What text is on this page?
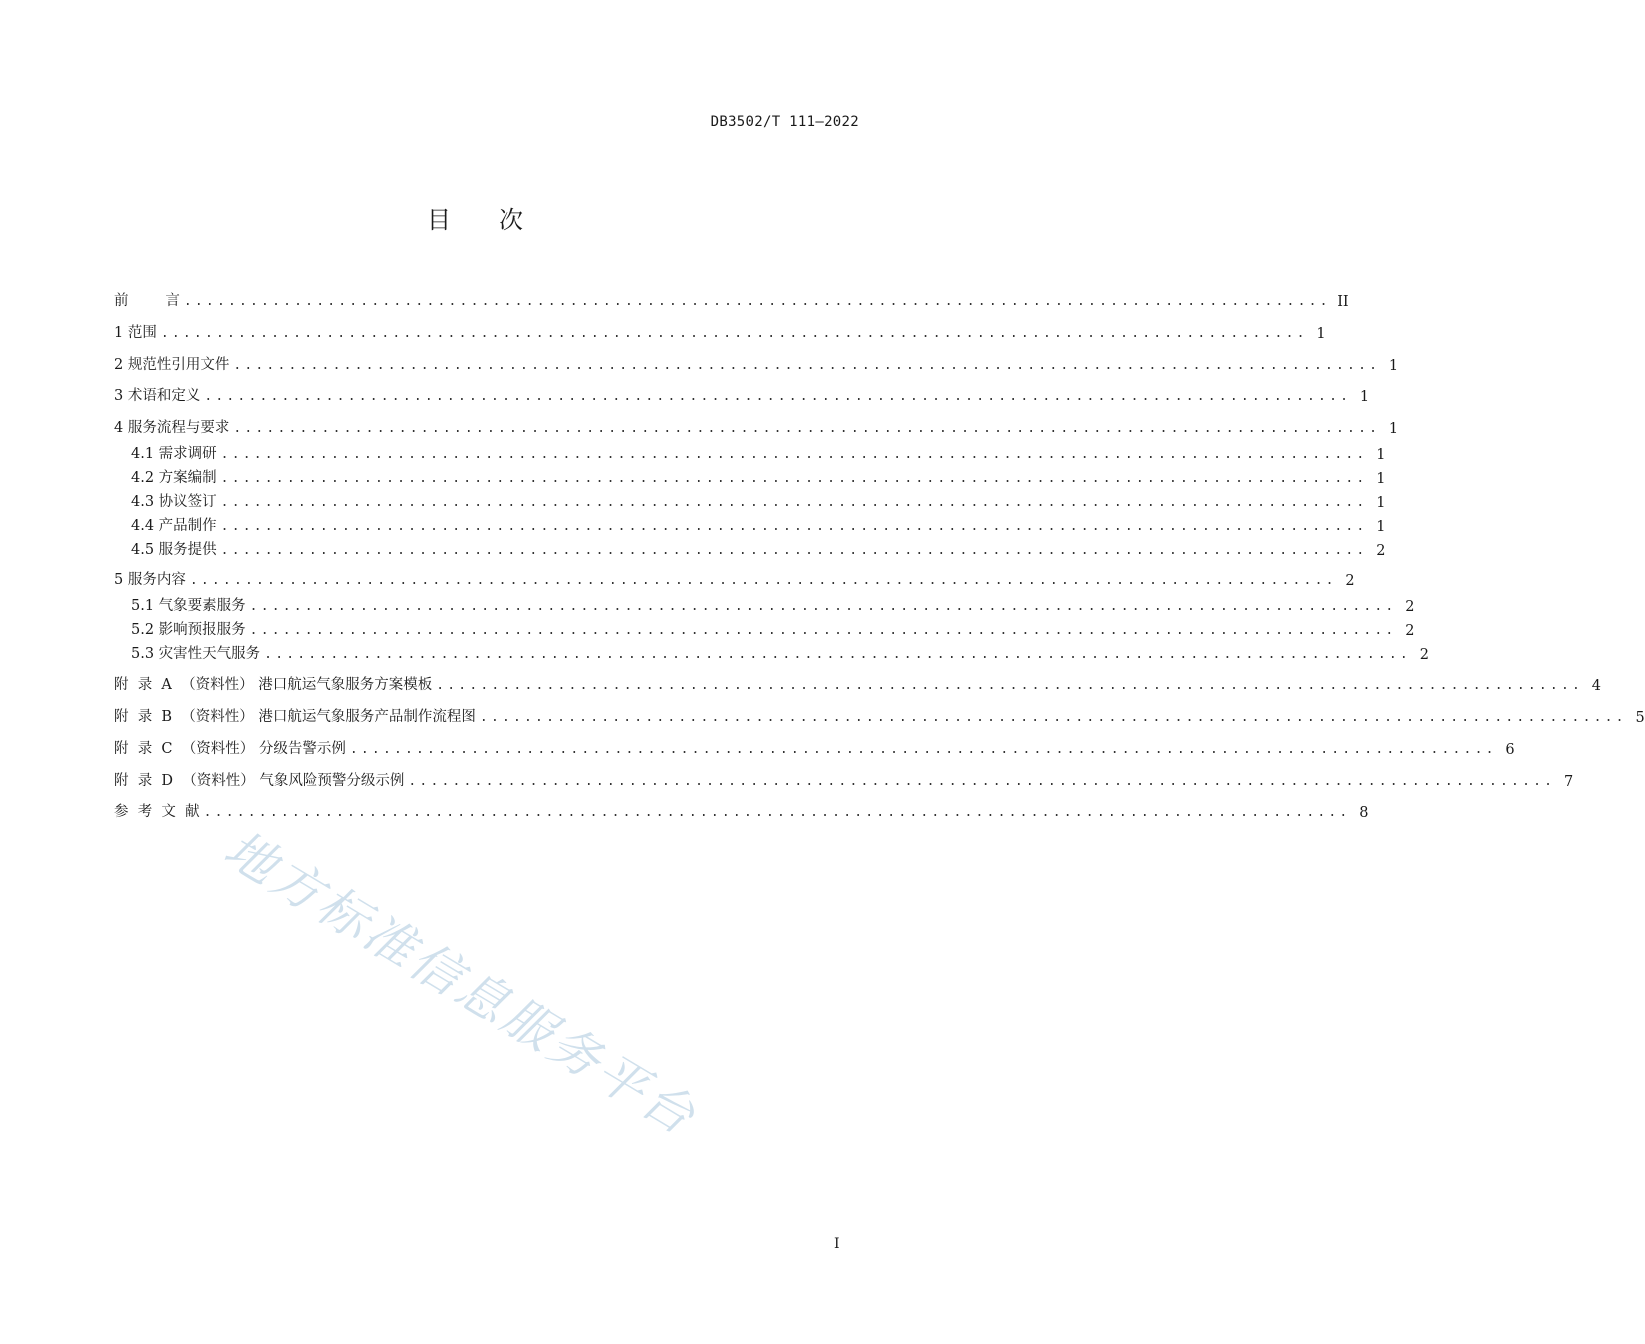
DB3502/T 111—2022
目 次
前        言 ........................................................................................................ II
1 范围 ........................................................................................................ 1
2 规范性引用文件 ........................................................................................................ 1
3 术语和定义 ........................................................................................................ 1
4 服务流程与要求 ........................................................................................................ 1
4.1 需求调研 ........................................................................................................ 1
4.2 方案编制 ........................................................................................................ 1
4.3 协议签订 ........................................................................................................ 1
4.4 产品制作 ........................................................................................................ 1
4.5 服务提供 ........................................................................................................ 2
5 服务内容 ........................................................................................................ 2
5.1 气象要素服务 ........................................................................................................ 2
5.2 影响预报服务 ........................................................................................................ 2
5.3 灾害性天气服务 ........................................................................................................ 2
附  录  A  （资料性） 港口航运气象服务方案模板 ........................................................................................................ 4
附  录  B  （资料性） 港口航运气象服务产品制作流程图 ........................................................................................................ 5
附  录  C  （资料性） 分级告警示例 ........................................................................................................ 6
附  录  D  （资料性） 气象风险预警分级示例 ........................................................................................................ 7
参  考  文  献 ........................................................................................................ 8
地方标准信息服务平台
I
